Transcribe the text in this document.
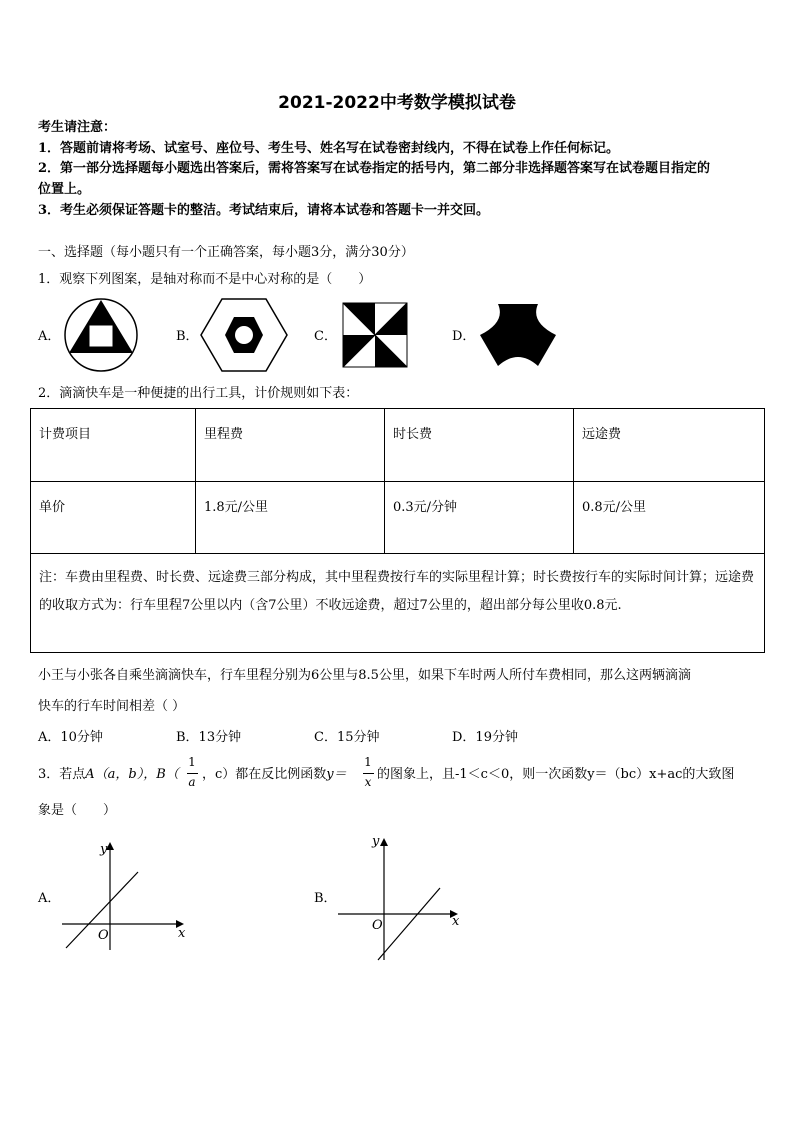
2021-2022中考数学模拟试卷
考生请注意：
1．答题前请将考场、试室号、座位号、考生号、姓名写在试卷密封线内，不得在试卷上作任何标记。
2．第一部分选择题每小题选出答案后，需将答案写在试卷指定的括号内，第二部分非选择题答案写在试卷题目指定的
位置上。
3．考生必须保证答题卡的整洁。考试结束后，请将本试卷和答题卡一并交回。
一、选择题（每小题只有一个正确答案，每小题3分，满分30分）
1．观察下列图案，是轴对称而不是中心对称的是（　　）
A．	B．	C．	D．
2．滴滴快车是一种便捷的出行工具，计价规则如下表：
计费项目	里程费	时长费	远途费
单价	1.8元/公里	0.3元/分钟	0.8元/公里
注：车费由里程费、时长费、远途费三部分构成，其中里程费按行车的实际里程计算；时长费按行车的实际时间计算；远途费的收取方式为：行车里程7公里以内（含7公里）不收远途费，超过7公里的，超出部分每公里收0.8元.			
小王与小张各自乘坐滴滴快车，行车里程分别为6公里与8.5公里，如果下车时两人所付车费相同，那么这两辆滴滴
快车的行车时间相差（ ）
A．10分钟	B．13分钟	C．15分钟	D．19分钟
3．若点A（a，b），B（
1
a ，c）都在反比例函数y＝
1
x 的图象上，且-1＜c＜0，则一次函数y＝（bc）x+ac的大致图
象是（　　）
A．
y
x
O
B．
y
x
O
